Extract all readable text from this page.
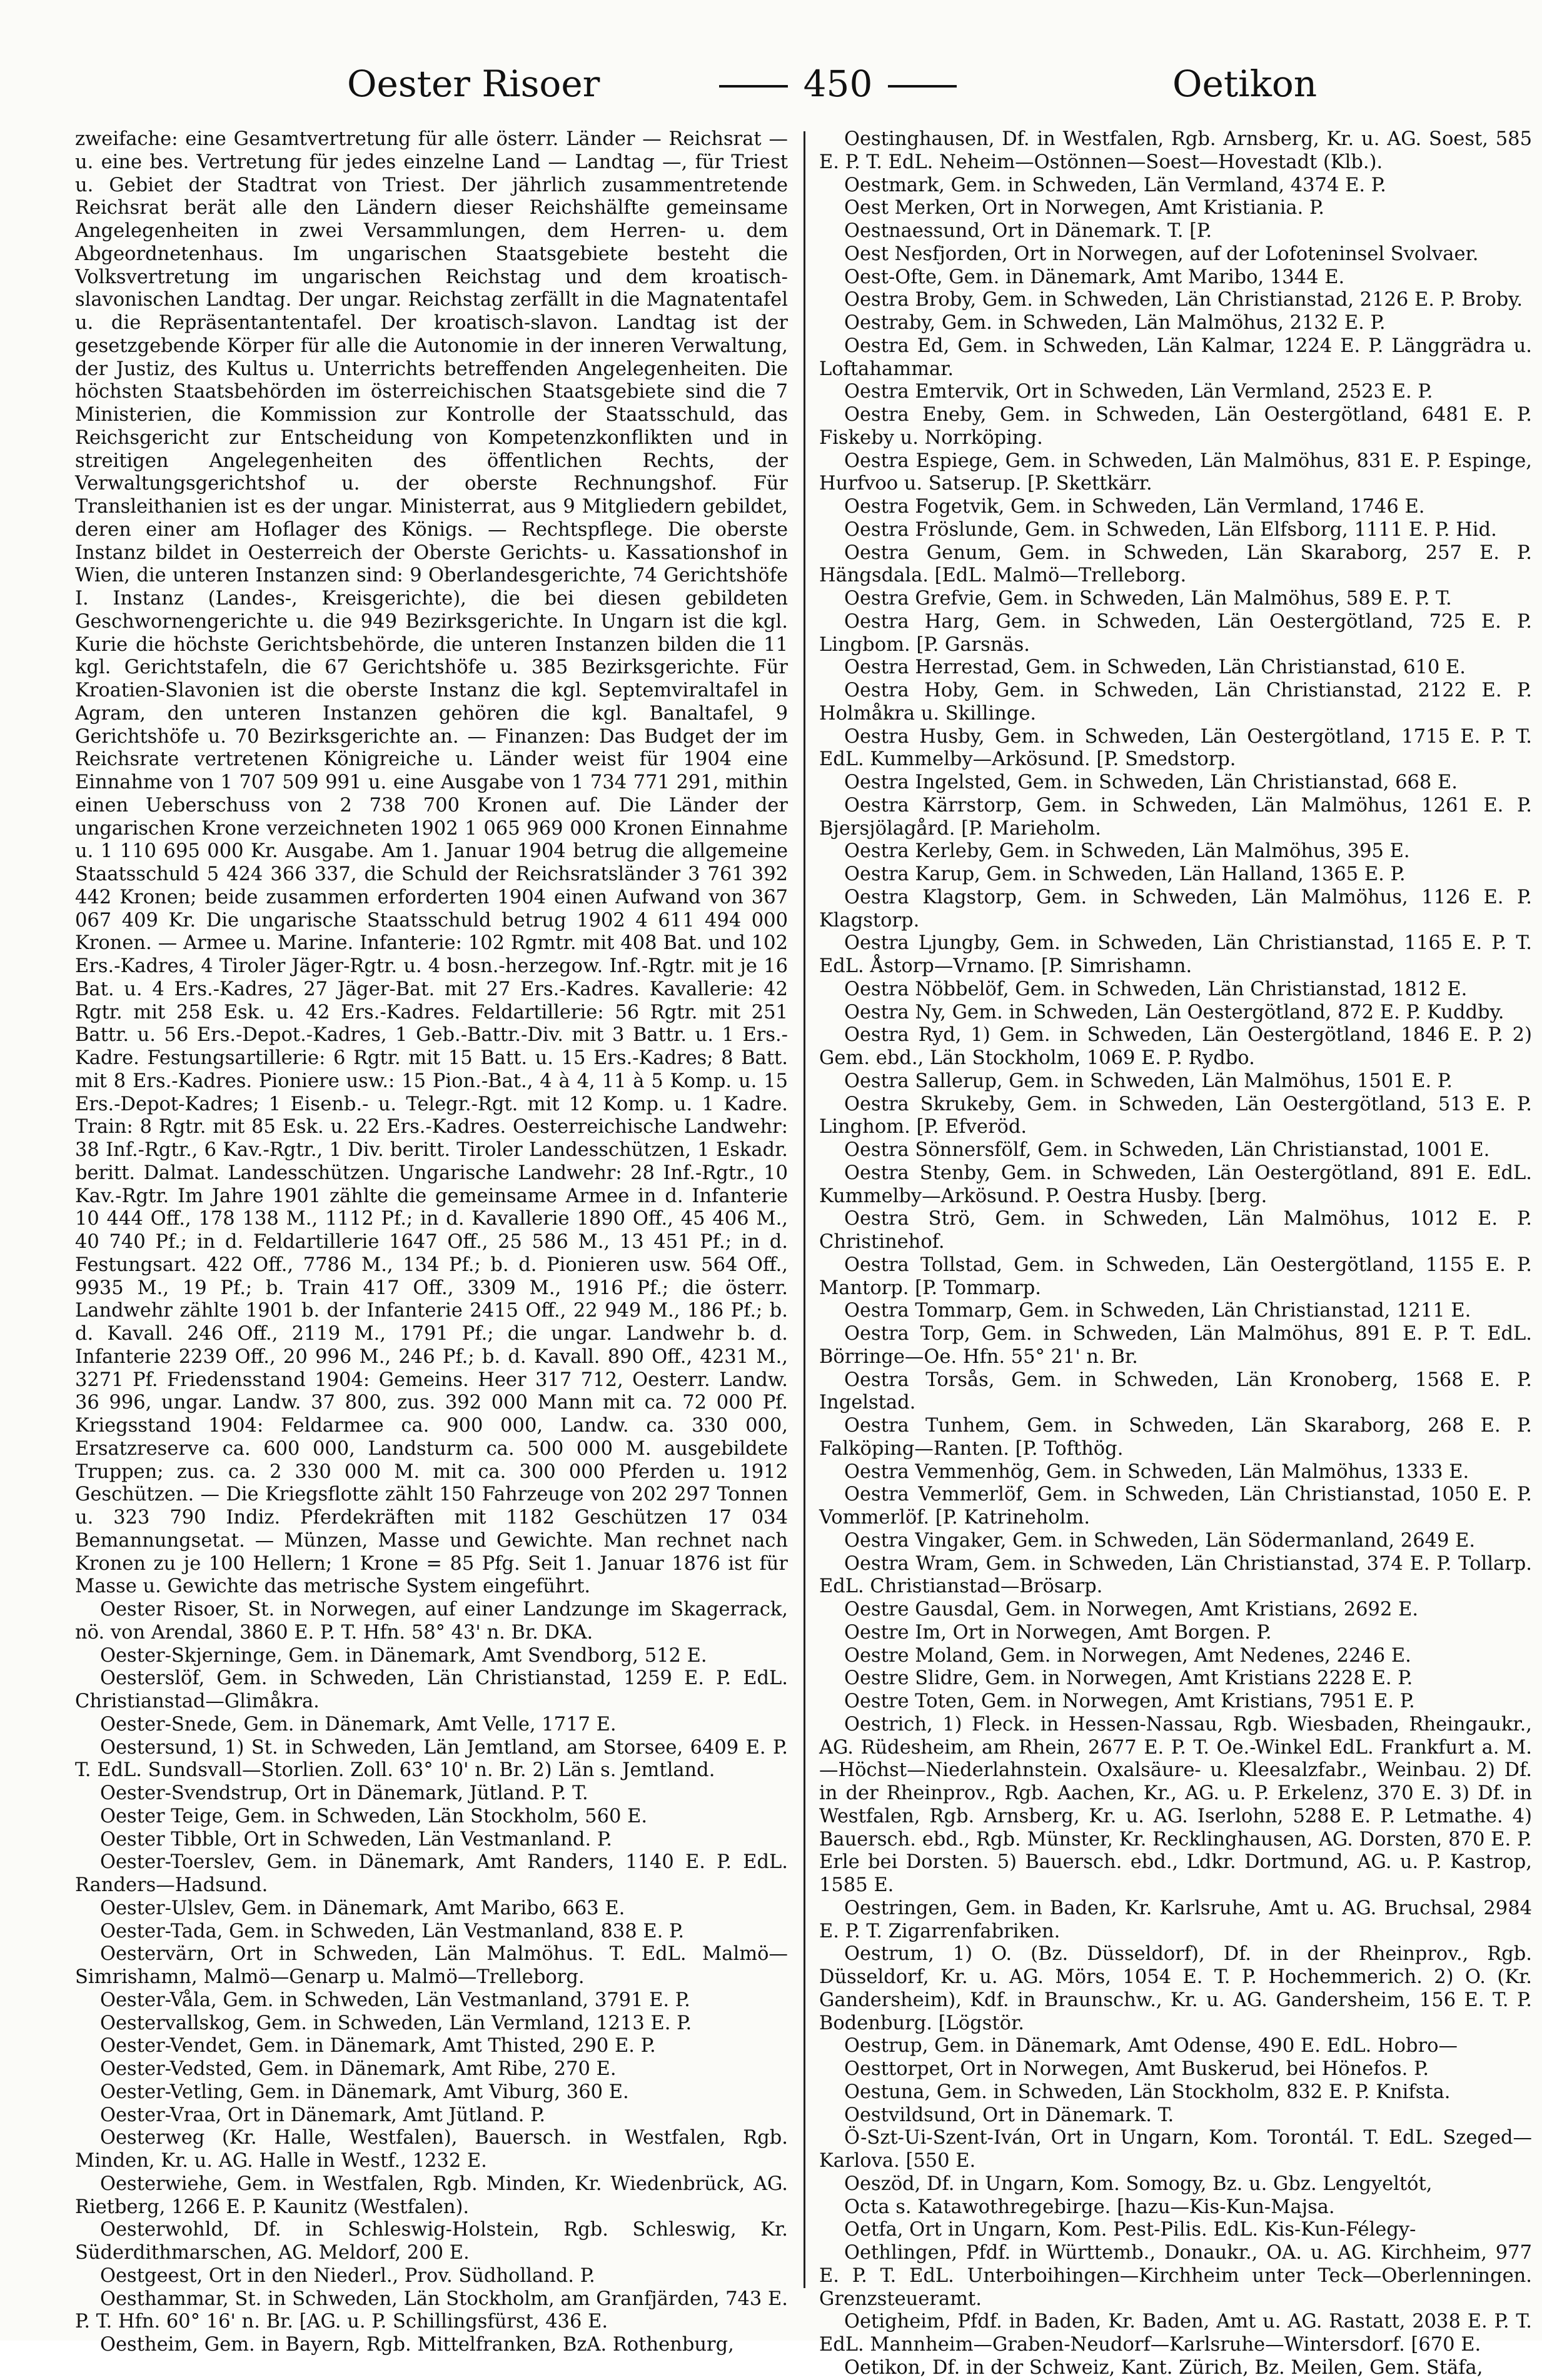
Oester Risoer	450	Oetikon

zweifache: eine Gesamtvertretung für alle österr. Länder — Reichsrat — u. eine bes. Vertretung für jedes einzelne Land — Landtag —, für Triest u. Gebiet der Stadtrat von Triest. Der jährlich zusammentretende Reichsrat berät alle den Ländern dieser Reichshälfte gemeinsame Angelegenheiten in zwei Versammlungen, dem Herren- u. dem Abgeordnetenhaus. Im ungarischen Staatsgebiete besteht die Volksvertretung im ungarischen Reichstag und dem kroatisch-slavonischen Landtag. Der ungar. Reichstag zerfällt in die Magnatentafel u. die Repräsentantentafel. Der kroatisch-slavon. Landtag ist der gesetzgebende Körper für alle die Autonomie in der inneren Verwaltung, der Justiz, des Kultus u. Unterrichts betreffenden Angelegenheiten. Die höchsten Staatsbehörden im österreichischen Staatsgebiete sind die 7 Ministerien, die Kommission zur Kontrolle der Staatsschuld, das Reichsgericht zur Entscheidung von Kompetenzkonflikten und in streitigen Angelegenheiten des öffentlichen Rechts, der Verwaltungsgerichtshof u. der oberste Rechnungshof. Für Transleithanien ist es der ungar. Ministerrat, aus 9 Mitgliedern gebildet, deren einer am Hoflager des Königs. — Rechtspflege. Die oberste Instanz bildet in Oesterreich der Oberste Gerichts- u. Kassationshof in Wien, die unteren Instanzen sind: 9 Oberlandesgerichte, 74 Gerichtshöfe I. Instanz (Landes-, Kreisgerichte), die bei diesen gebildeten Geschwornengerichte u. die 949 Bezirksgerichte. In Ungarn ist die kgl. Kurie die höchste Gerichtsbehörde, die unteren Instanzen bilden die 11 kgl. Gerichtstafeln, die 67 Gerichtshöfe u. 385 Bezirksgerichte. Für Kroatien-Slavonien ist die oberste Instanz die kgl. Septemviraltafel in Agram, den unteren Instanzen gehören die kgl. Banaltafel, 9 Gerichtshöfe u. 70 Bezirksgerichte an. — Finanzen: Das Budget der im Reichsrate vertretenen Königreiche u. Länder weist für 1904 eine Einnahme von 1 707 509 991 u. eine Ausgabe von 1 734 771 291, mithin einen Ueberschuss von 2 738 700 Kronen auf. Die Länder der ungarischen Krone verzeichneten 1902 1 065 969 000 Kronen Einnahme u. 1 110 695 000 Kr. Ausgabe. Am 1. Januar 1904 betrug die allgemeine Staatsschuld 5 424 366 337, die Schuld der Reichsratsländer 3 761 392 442 Kronen; beide zusammen erforderten 1904 einen Aufwand von 367 067 409 Kr. Die ungarische Staatsschuld betrug 1902 4 611 494 000 Kronen. — Armee u. Marine. Infanterie: 102 Rgmtr. mit 408 Bat. und 102 Ers.-Kadres, 4 Tiroler Jäger-Rgtr. u. 4 bosn.-herzegow. Inf.-Rgtr. mit je 16 Bat. u. 4 Ers.-Kadres, 27 Jäger-Bat. mit 27 Ers.-Kadres. Kavallerie: 42 Rgtr. mit 258 Esk. u. 42 Ers.-Kadres. Feldartillerie: 56 Rgtr. mit 251 Battr. u. 56 Ers.-Depot.-Kadres, 1 Geb.-Battr.-Div. mit 3 Battr. u. 1 Ers.-Kadre. Festungsartillerie: 6 Rgtr. mit 15 Batt. u. 15 Ers.-Kadres; 8 Batt. mit 8 Ers.-Kadres. Pioniere usw.: 15 Pion.-Bat., 4 à 4, 11 à 5 Komp. u. 15 Ers.-Depot-Kadres; 1 Eisenb.- u. Telegr.-Rgt. mit 12 Komp. u. 1 Kadre. Train: 8 Rgtr. mit 85 Esk. u. 22 Ers.-Kadres. Oesterreichische Landwehr: 38 Inf.-Rgtr., 6 Kav.-Rgtr., 1 Div. beritt. Tiroler Landesschützen, 1 Eskadr. beritt. Dalmat. Landesschützen. Ungarische Landwehr: 28 Inf.-Rgtr., 10 Kav.-Rgtr. Im Jahre 1901 zählte die gemeinsame Armee in d. Infanterie 10 444 Off., 178 138 M., 1112 Pf.; in d. Kavallerie 1890 Off., 45 406 M., 40 740 Pf.; in d. Feldartillerie 1647 Off., 25 586 M., 13 451 Pf.; in d. Festungsart. 422 Off., 7786 M., 134 Pf.; b. d. Pionieren usw. 564 Off., 9935 M., 19 Pf.; b. Train 417 Off., 3309 M., 1916 Pf.; die österr. Landwehr zählte 1901 b. der Infanterie 2415 Off., 22 949 M., 186 Pf.; b. d. Kavall. 246 Off., 2119 M., 1791 Pf.; die ungar. Landwehr b. d. Infanterie 2239 Off., 20 996 M., 246 Pf.; b. d. Kavall. 890 Off., 4231 M., 3271 Pf. Friedensstand 1904: Gemeins. Heer 317 712, Oesterr. Landw. 36 996, ungar. Landw. 37 800, zus. 392 000 Mann mit ca. 72 000 Pf. Kriegsstand 1904: Feldarmee ca. 900 000, Landw. ca. 330 000, Ersatzreserve ca. 600 000, Landsturm ca. 500 000 M. ausgebildete Truppen; zus. ca. 2 330 000 M. mit ca. 300 000 Pferden u. 1912 Geschützen. — Die Kriegsflotte zählt 150 Fahrzeuge von 202 297 Tonnen u. 323 790 Indiz. Pferdekräften mit 1182 Geschützen 17 034 Bemannungsetat. — Münzen, Masse und Gewichte. Man rechnet nach Kronen zu je 100 Hellern; 1 Krone = 85 Pfg. Seit 1. Januar 1876 ist für Masse u. Gewichte das metrische System eingeführt.

Oester Risoer, St. in Norwegen, auf einer Landzunge im Skagerrack, nö. von Arendal, 3860 E. P. T. Hfn. 58° 43' n. Br. DKA.

Oester-Skjerninge, Gem. in Dänemark, Amt Svendborg, 512 E.

Oesterslöf, Gem. in Schweden, Län Christianstad, 1259 E. P. EdL. Christianstad—Glimåkra.

Oester-Snede, Gem. in Dänemark, Amt Velle, 1717 E.

Oestersund, 1) St. in Schweden, Län Jemtland, am Storsee, 6409 E. P. T. EdL. Sundsvall—Storlien. Zoll. 63° 10' n. Br. 2) Län s. Jemtland.

Oester-Svendstrup, Ort in Dänemark, Jütland. P. T.

Oester Teige, Gem. in Schweden, Län Stockholm, 560 E.

Oester Tibble, Ort in Schweden, Län Vestmanland. P.

Oester-Toerslev, Gem. in Dänemark, Amt Randers, 1140 E. P. EdL. Randers—Hadsund.

Oester-Ulslev, Gem. in Dänemark, Amt Maribo, 663 E.

Oester-Tada, Gem. in Schweden, Län Vestmanland, 838 E. P.

Oestervärn, Ort in Schweden, Län Malmöhus. T. EdL. Malmö—Simrishamn, Malmö—Genarp u. Malmö—Trelleborg.

Oester-Våla, Gem. in Schweden, Län Vestmanland, 3791 E. P.

Oestervallskog, Gem. in Schweden, Län Vermland, 1213 E. P.

Oester-Vendet, Gem. in Dänemark, Amt Thisted, 290 E. P.

Oester-Vedsted, Gem. in Dänemark, Amt Ribe, 270 E.

Oester-Vetling, Gem. in Dänemark, Amt Viburg, 360 E.

Oester-Vraa, Ort in Dänemark, Amt Jütland. P.

Oesterweg (Kr. Halle, Westfalen), Bauersch. in Westfalen, Rgb. Minden, Kr. u. AG. Halle in Westf., 1232 E.

Oesterwiehe, Gem. in Westfalen, Rgb. Minden, Kr. Wiedenbrück, AG. Rietberg, 1266 E. P. Kaunitz (Westfalen).

Oesterwohld, Df. in Schleswig-Holstein, Rgb. Schleswig, Kr. Süderdithmarschen, AG. Meldorf, 200 E.

Oestgeest, Ort in den Niederl., Prov. Südholland. P.

Oesthammar, St. in Schweden, Län Stockholm, am Granfjärden, 743 E. P. T. Hfn. 60° 16' n. Br. [AG. u. P. Schillingsfürst, 436 E.

Oestheim, Gem. in Bayern, Rgb. Mittelfranken, BzA. Rothenburg,

Oestinghausen, Df. in Westfalen, Rgb. Arnsberg, Kr. u. AG. Soest, 585 E. P. T. EdL. Neheim—Ostönnen—Soest—Hovestadt (Klb.).

Oestmark, Gem. in Schweden, Län Vermland, 4374 E. P.

Oest Merken, Ort in Norwegen, Amt Kristiania. P.

Oestnaessund, Ort in Dänemark. T. [P.

Oest Nesfjorden, Ort in Norwegen, auf der Lofoteninsel Svolvaer.

Oest-Ofte, Gem. in Dänemark, Amt Maribo, 1344 E.

Oestra Broby, Gem. in Schweden, Län Christianstad, 2126 E. P. Broby.

Oestraby, Gem. in Schweden, Län Malmöhus, 2132 E. P.

Oestra Ed, Gem. in Schweden, Län Kalmar, 1224 E. P. Länggrädra u. Loftahammar.

Oestra Emtervik, Ort in Schweden, Län Vermland, 2523 E. P.

Oestra Eneby, Gem. in Schweden, Län Oestergötland, 6481 E. P. Fiskeby u. Norrköping.

Oestra Espiege, Gem. in Schweden, Län Malmöhus, 831 E. P. Espinge, Hurfvoo u. Satserup. [P. Skettkärr.

Oestra Fogetvik, Gem. in Schweden, Län Vermland, 1746 E.

Oestra Fröslunde, Gem. in Schweden, Län Elfsborg, 1111 E. P. Hid.

Oestra Genum, Gem. in Schweden, Län Skaraborg, 257 E. P. Hängsdala. [EdL. Malmö—Trelleborg.

Oestra Grefvie, Gem. in Schweden, Län Malmöhus, 589 E. P. T.

Oestra Harg, Gem. in Schweden, Län Oestergötland, 725 E. P. Lingbom. [P. Garsnäs.

Oestra Herrestad, Gem. in Schweden, Län Christianstad, 610 E.

Oestra Hoby, Gem. in Schweden, Län Christianstad, 2122 E. P. Holmåkra u. Skillinge.

Oestra Husby, Gem. in Schweden, Län Oestergötland, 1715 E. P. T. EdL. Kummelby—Arkösund. [P. Smedstorp.

Oestra Ingelsted, Gem. in Schweden, Län Christianstad, 668 E.

Oestra Kärrstorp, Gem. in Schweden, Län Malmöhus, 1261 E. P. Bjersjölagård. [P. Marieholm.

Oestra Kerleby, Gem. in Schweden, Län Malmöhus, 395 E.

Oestra Karup, Gem. in Schweden, Län Halland, 1365 E. P.

Oestra Klagstorp, Gem. in Schweden, Län Malmöhus, 1126 E. P. Klagstorp.

Oestra Ljungby, Gem. in Schweden, Län Christianstad, 1165 E. P. T. EdL. Åstorp—Vrnamo. [P. Simrishamn.

Oestra Nöbbelöf, Gem. in Schweden, Län Christianstad, 1812 E.

Oestra Ny, Gem. in Schweden, Län Oestergötland, 872 E. P. Kuddby.

Oestra Ryd, 1) Gem. in Schweden, Län Oestergötland, 1846 E. P. 2) Gem. ebd., Län Stockholm, 1069 E. P. Rydbo.

Oestra Sallerup, Gem. in Schweden, Län Malmöhus, 1501 E. P.

Oestra Skrukeby, Gem. in Schweden, Län Oestergötland, 513 E. P. Linghom. [P. Efveröd.

Oestra Sönnersfölf, Gem. in Schweden, Län Christianstad, 1001 E.

Oestra Stenby, Gem. in Schweden, Län Oestergötland, 891 E. EdL. Kummelby—Arkösund. P. Oestra Husby. [berg.

Oestra Strö, Gem. in Schweden, Län Malmöhus, 1012 E. P. Christinehof.

Oestra Tollstad, Gem. in Schweden, Län Oestergötland, 1155 E. P. Mantorp. [P. Tommarp.

Oestra Tommarp, Gem. in Schweden, Län Christianstad, 1211 E.

Oestra Torp, Gem. in Schweden, Län Malmöhus, 891 E. P. T. EdL. Börringe—Oe. Hfn. 55° 21' n. Br.

Oestra Torsås, Gem. in Schweden, Län Kronoberg, 1568 E. P. Ingelstad.

Oestra Tunhem, Gem. in Schweden, Län Skaraborg, 268 E. P. Falköping—Ranten. [P. Tofthög.

Oestra Vemmenhög, Gem. in Schweden, Län Malmöhus, 1333 E.

Oestra Vemmerlöf, Gem. in Schweden, Län Christianstad, 1050 E. P. Vommerlöf. [P. Katrineholm.

Oestra Vingaker, Gem. in Schweden, Län Södermanland, 2649 E.

Oestra Wram, Gem. in Schweden, Län Christianstad, 374 E. P. Tollarp. EdL. Christianstad—Brösarp.

Oestre Gausdal, Gem. in Norwegen, Amt Kristians, 2692 E.

Oestre Im, Ort in Norwegen, Amt Borgen. P.

Oestre Moland, Gem. in Norwegen, Amt Nedenes, 2246 E.

Oestre Slidre, Gem. in Norwegen, Amt Kristians 2228 E. P.

Oestre Toten, Gem. in Norwegen, Amt Kristians, 7951 E. P.

Oestrich, 1) Fleck. in Hessen-Nassau, Rgb. Wiesbaden, Rheingaukr., AG. Rüdesheim, am Rhein, 2677 E. P. T. Oe.-Winkel EdL. Frankfurt a. M.—Höchst—Niederlahnstein. Oxalsäure- u. Kleesalzfabr., Weinbau. 2) Df. in der Rheinprov., Rgb. Aachen, Kr., AG. u. P. Erkelenz, 370 E. 3) Df. in Westfalen, Rgb. Arnsberg, Kr. u. AG. Iserlohn, 5288 E. P. Letmathe. 4) Bauersch. ebd., Rgb. Münster, Kr. Recklinghausen, AG. Dorsten, 870 E. P. Erle bei Dorsten. 5) Bauersch. ebd., Ldkr. Dortmund, AG. u. P. Kastrop, 1585 E.

Oestringen, Gem. in Baden, Kr. Karlsruhe, Amt u. AG. Bruchsal, 2984 E. P. T. Zigarrenfabriken.

Oestrum, 1) O. (Bz. Düsseldorf), Df. in der Rheinprov., Rgb. Düsseldorf, Kr. u. AG. Mörs, 1054 E. T. P. Hochemmerich. 2) O. (Kr. Gandersheim), Kdf. in Braunschw., Kr. u. AG. Gandersheim, 156 E. T. P. Bodenburg. [Lögstör.

Oestrup, Gem. in Dänemark, Amt Odense, 490 E. EdL. Hobro—

Oesttorpet, Ort in Norwegen, Amt Buskerud, bei Hönefos. P.

Oestuna, Gem. in Schweden, Län Stockholm, 832 E. P. Knifsta.

Oestvildsund, Ort in Dänemark. T.

Ö-Szt-Ui-Szent-Iván, Ort in Ungarn, Kom. Torontál. T. EdL. Szeged—Karlova. [550 E.

Oeszöd, Df. in Ungarn, Kom. Somogy, Bz. u. Gbz. Lengyeltót,

Octa s. Katawothregebirge. [hazu—Kis-Kun-Majsa.

Oetfa, Ort in Ungarn, Kom. Pest-Pilis. EdL. Kis-Kun-Félegy-

Oethlingen, Pfdf. in Württemb., Donaukr., OA. u. AG. Kirchheim, 977 E. P. T. EdL. Unterboihingen—Kirchheim unter Teck—Oberlenningen. Grenzsteueramt.

Oetigheim, Pfdf. in Baden, Kr. Baden, Amt u. AG. Rastatt, 2038 E. P. T. EdL. Mannheim—Graben-Neudorf—Karlsruhe—Wintersdorf. [670 E.

Oetikon, Df. in der Schweiz, Kant. Zürich, Bz. Meilen, Gem. Stäfa,
